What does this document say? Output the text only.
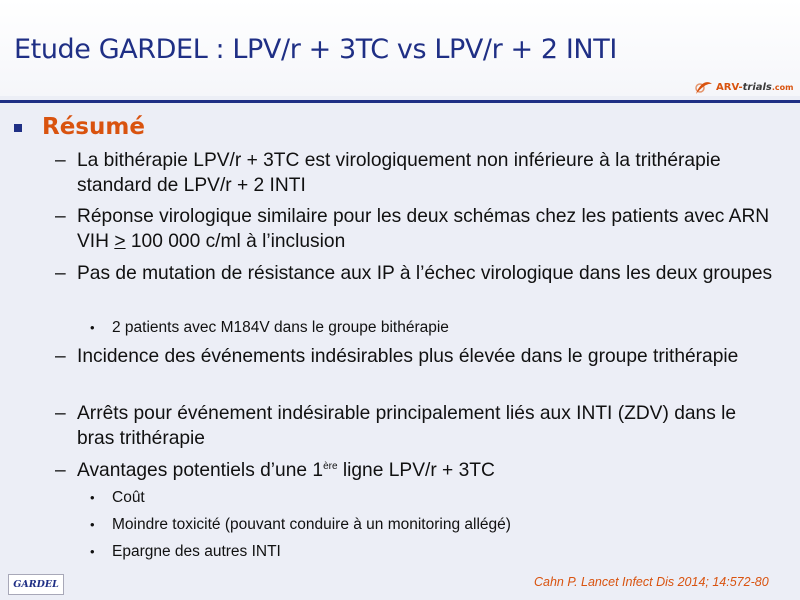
Etude GARDEL : LPV/r + 3TC vs LPV/r + 2 INTI
ARV-trials.com
Résumé
– La bithérapie LPV/r + 3TC est virologiquement non inférieure à la trithérapie standard de LPV/r + 2 INTI
– Réponse virologique similaire pour les deux schémas chez les patients avec ARN VIH > 100 000 c/ml à l’inclusion
– Pas de mutation de résistance aux IP à l’échec virologique dans les deux groupes
• 2 patients avec M184V dans le groupe bithérapie
– Incidence des événements indésirables plus élevée dans le groupe trithérapie
– Arrêts pour événement indésirable principalement liés aux INTI (ZDV) dans le bras trithérapie
– Avantages potentiels d’une 1ère ligne LPV/r + 3TC
• Coût
• Moindre toxicité (pouvant conduire à un monitoring allégé)
• Epargne des autres INTI
GARDEL	Cahn P. Lancet Infect Dis 2014; 14:572-80
